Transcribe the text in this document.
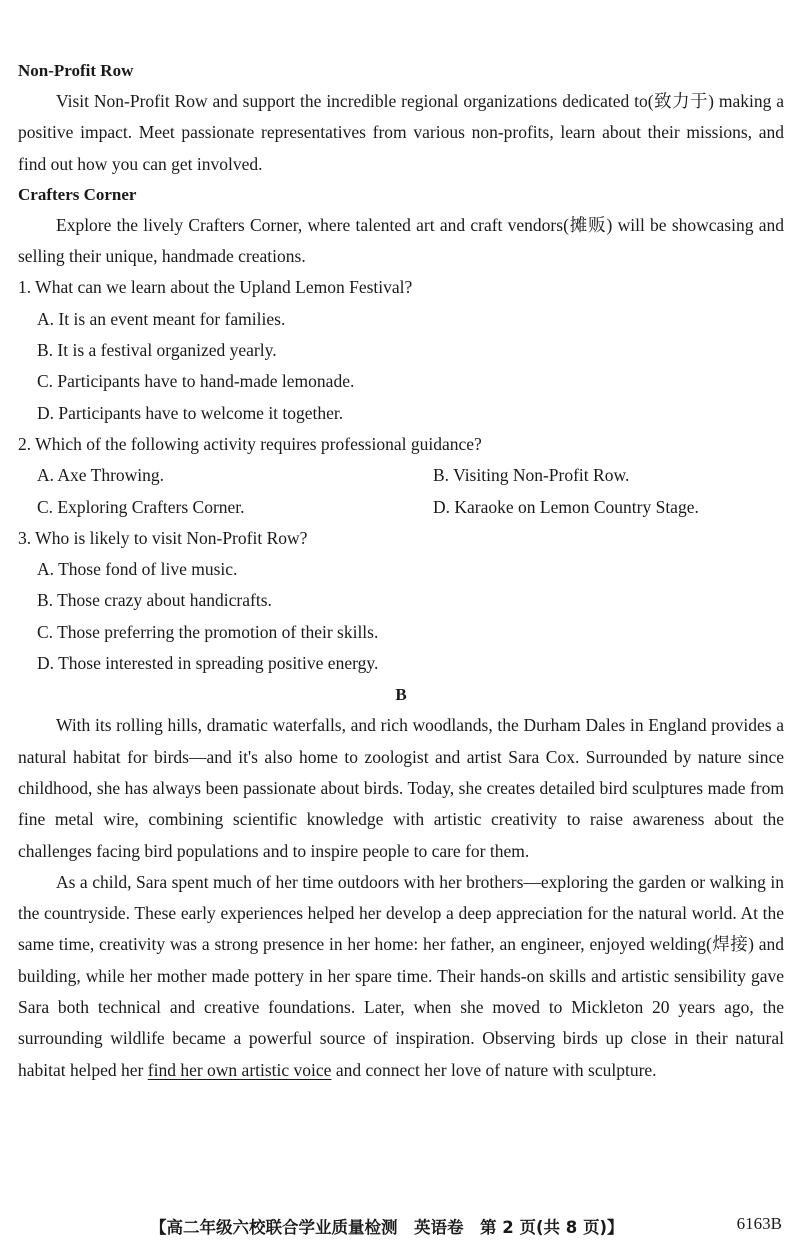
Non-Profit Row

Visit Non-Profit Row and support the incredible regional organizations dedicated to(致力于) making a positive impact. Meet passionate representatives from various non-profits, learn about their missions, and find out how you can get involved.

Crafters Corner

Explore the lively Crafters Corner, where talented art and craft vendors(摊贩) will be showcasing and selling their unique, handmade creations.

1. What can we learn about the Upland Lemon Festival?
A. It is an event meant for families.
B. It is a festival organized yearly.
C. Participants have to hand-made lemonade.
D. Participants have to welcome it together.
2. Which of the following activity requires professional guidance?
A. Axe Throwing.	B. Visiting Non-Profit Row.
C. Exploring Crafters Corner.	D. Karaoke on Lemon Country Stage.
3. Who is likely to visit Non-Profit Row?
A. Those fond of live music.
B. Those crazy about handicrafts.
C. Those preferring the promotion of their skills.
D. Those interested in spreading positive energy.
B

With its rolling hills, dramatic waterfalls, and rich woodlands, the Durham Dales in England provides a natural habitat for birds—and it's also home to zoologist and artist Sara Cox. Surrounded by nature since childhood, she has always been passionate about birds. Today, she creates detailed bird sculptures made from fine metal wire, combining scientific knowledge with artistic creativity to raise awareness about the challenges facing bird populations and to inspire people to care for them.

As a child, Sara spent much of her time outdoors with her brothers—exploring the garden or walking in the countryside. These early experiences helped her develop a deep appreciation for the natural world. At the same time, creativity was a strong presence in her home: her father, an engineer, enjoyed welding(焊接) and building, while her mother made pottery in her spare time. Their hands-on skills and artistic sensibility gave Sara both technical and creative foundations. Later, when she moved to Mickleton 20 years ago, the surrounding wildlife became a powerful source of inspiration. Observing birds up close in their natural habitat helped her find her own artistic voice and connect her love of nature with sculpture.

【高二年级六校联合学业质量检测　英语卷　第 2 页(共 8 页)】	6163B
